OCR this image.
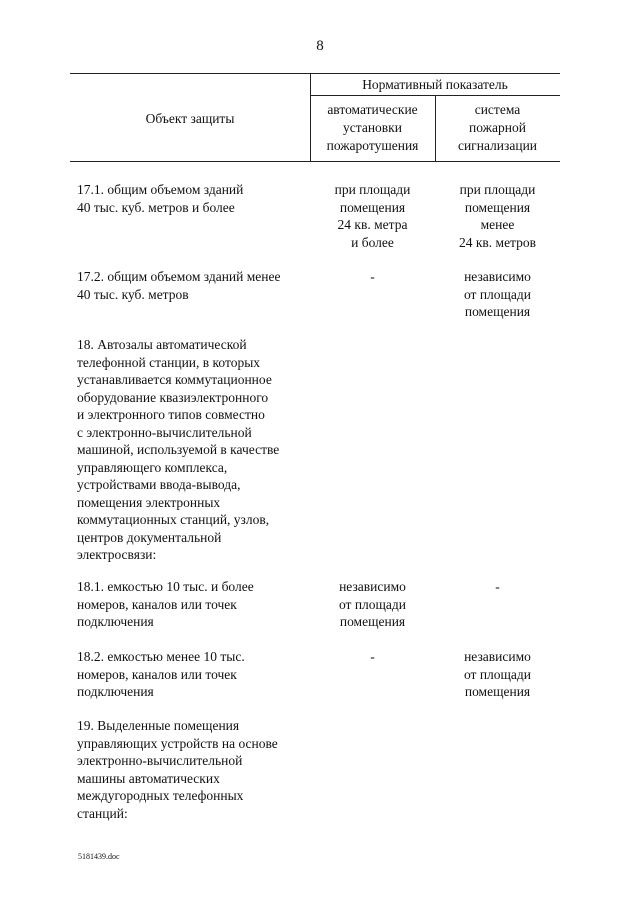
8
Объект защиты
Нормативный показатель
автоматические
установки
пожаротушения
система
пожарной
сигнализации
17.1. общим объемом зданий
40 тыс. куб. метров и более
при площади
помещения
24 кв. метра
и более
при площади
помещения
менее
24 кв. метров
17.2. общим объемом зданий менее
40 тыс. куб. метров
-	независимо
от площади
помещения
18. Автозалы автоматической
телефонной станции, в которых
устанавливается коммутационное
оборудование квазиэлектронного
и электронного типов совместно
с электронно-вычислительной
машиной, используемой в качестве
управляющего комплекса,
устройствами ввода-вывода,
помещения электронных
коммутационных станций, узлов,
центров документальной
электросвязи:
18.1. емкостью 10 тыс. и более
номеров, каналов или точек
подключения
независимо
от площади
помещения
-
18.2. емкостью менее 10 тыс.
номеров, каналов или точек
подключения
-	независимо
от площади
помещения
19. Выделенные помещения
управляющих устройств на основе
электронно-вычислительной
машины автоматических
междугородных телефонных
станций:
5181439.doc
